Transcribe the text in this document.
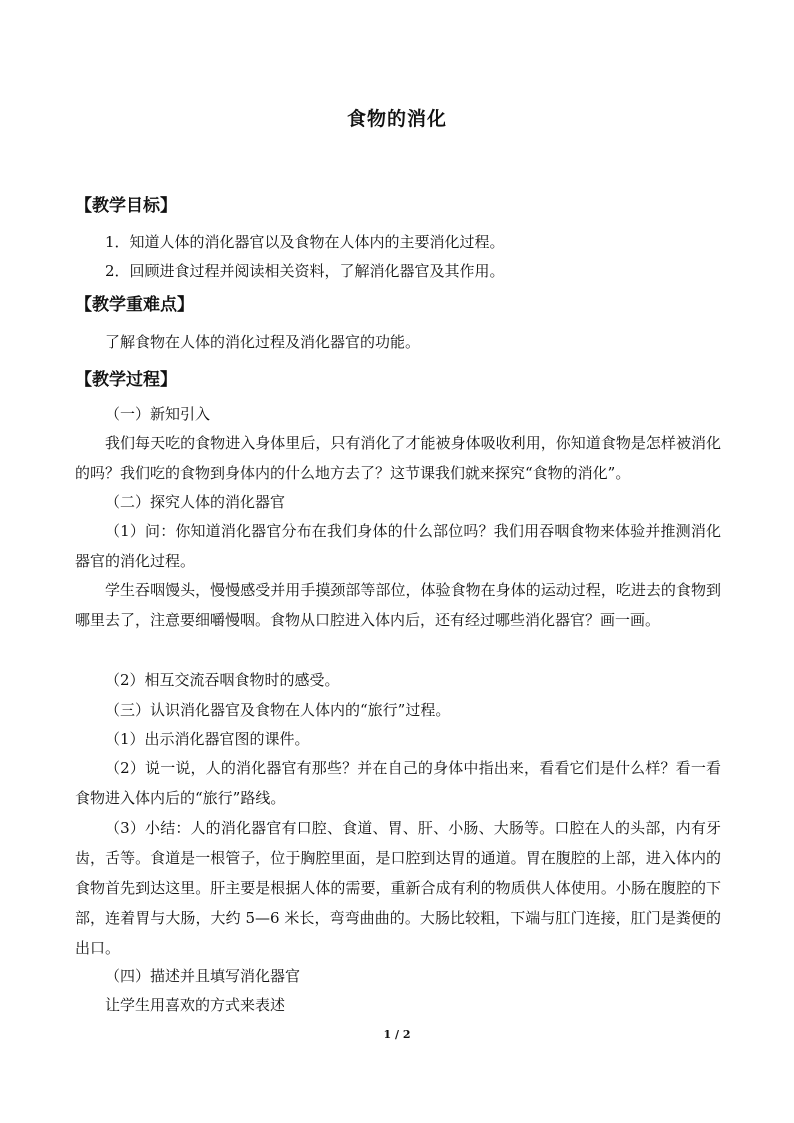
食物的消化
【教学目标】
1．知道人体的消化器官以及食物在人体内的主要消化过程。
2．回顾进食过程并阅读相关资料，了解消化器官及其作用。
【教学重难点】
了解食物在人体的消化过程及消化器官的功能。
【教学过程】
（一）新知引入
我们每天吃的食物进入身体里后，只有消化了才能被身体吸收利用，你知道食物是怎样被消化的吗？我们吃的食物到身体内的什么地方去了？这节课我们就来探究“食物的消化”。
（二）探究人体的消化器官
（1）问：你知道消化器官分布在我们身体的什么部位吗？我们用吞咽食物来体验并推测消化器官的消化过程。
学生吞咽馒头，慢慢感受并用手摸颈部等部位，体验食物在身体的运动过程，吃进去的食物到哪里去了，注意要细嚼慢咽。食物从口腔进入体内后，还有经过哪些消化器官？画一画。
（2）相互交流吞咽食物时的感受。
（三）认识消化器官及食物在人体内的“旅行”过程。
（1）出示消化器官图的课件。
（2）说一说，人的消化器官有那些？并在自己的身体中指出来，看看它们是什么样？看一看食物进入体内后的“旅行”路线。
（3）小结：人的消化器官有口腔、食道、胃、肝、小肠、大肠等。口腔在人的头部，内有牙齿，舌等。食道是一根管子，位于胸腔里面，是口腔到达胃的通道。胃在腹腔的上部，进入体内的食物首先到达这里。肝主要是根据人体的需要，重新合成有利的物质供人体使用。小肠在腹腔的下部，连着胃与大肠，大约 5—6 米长，弯弯曲曲的。大肠比较粗，下端与肛门连接，肛门是粪便的出口。
（四）描述并且填写消化器官
让学生用喜欢的方式来表述
1 / 2
